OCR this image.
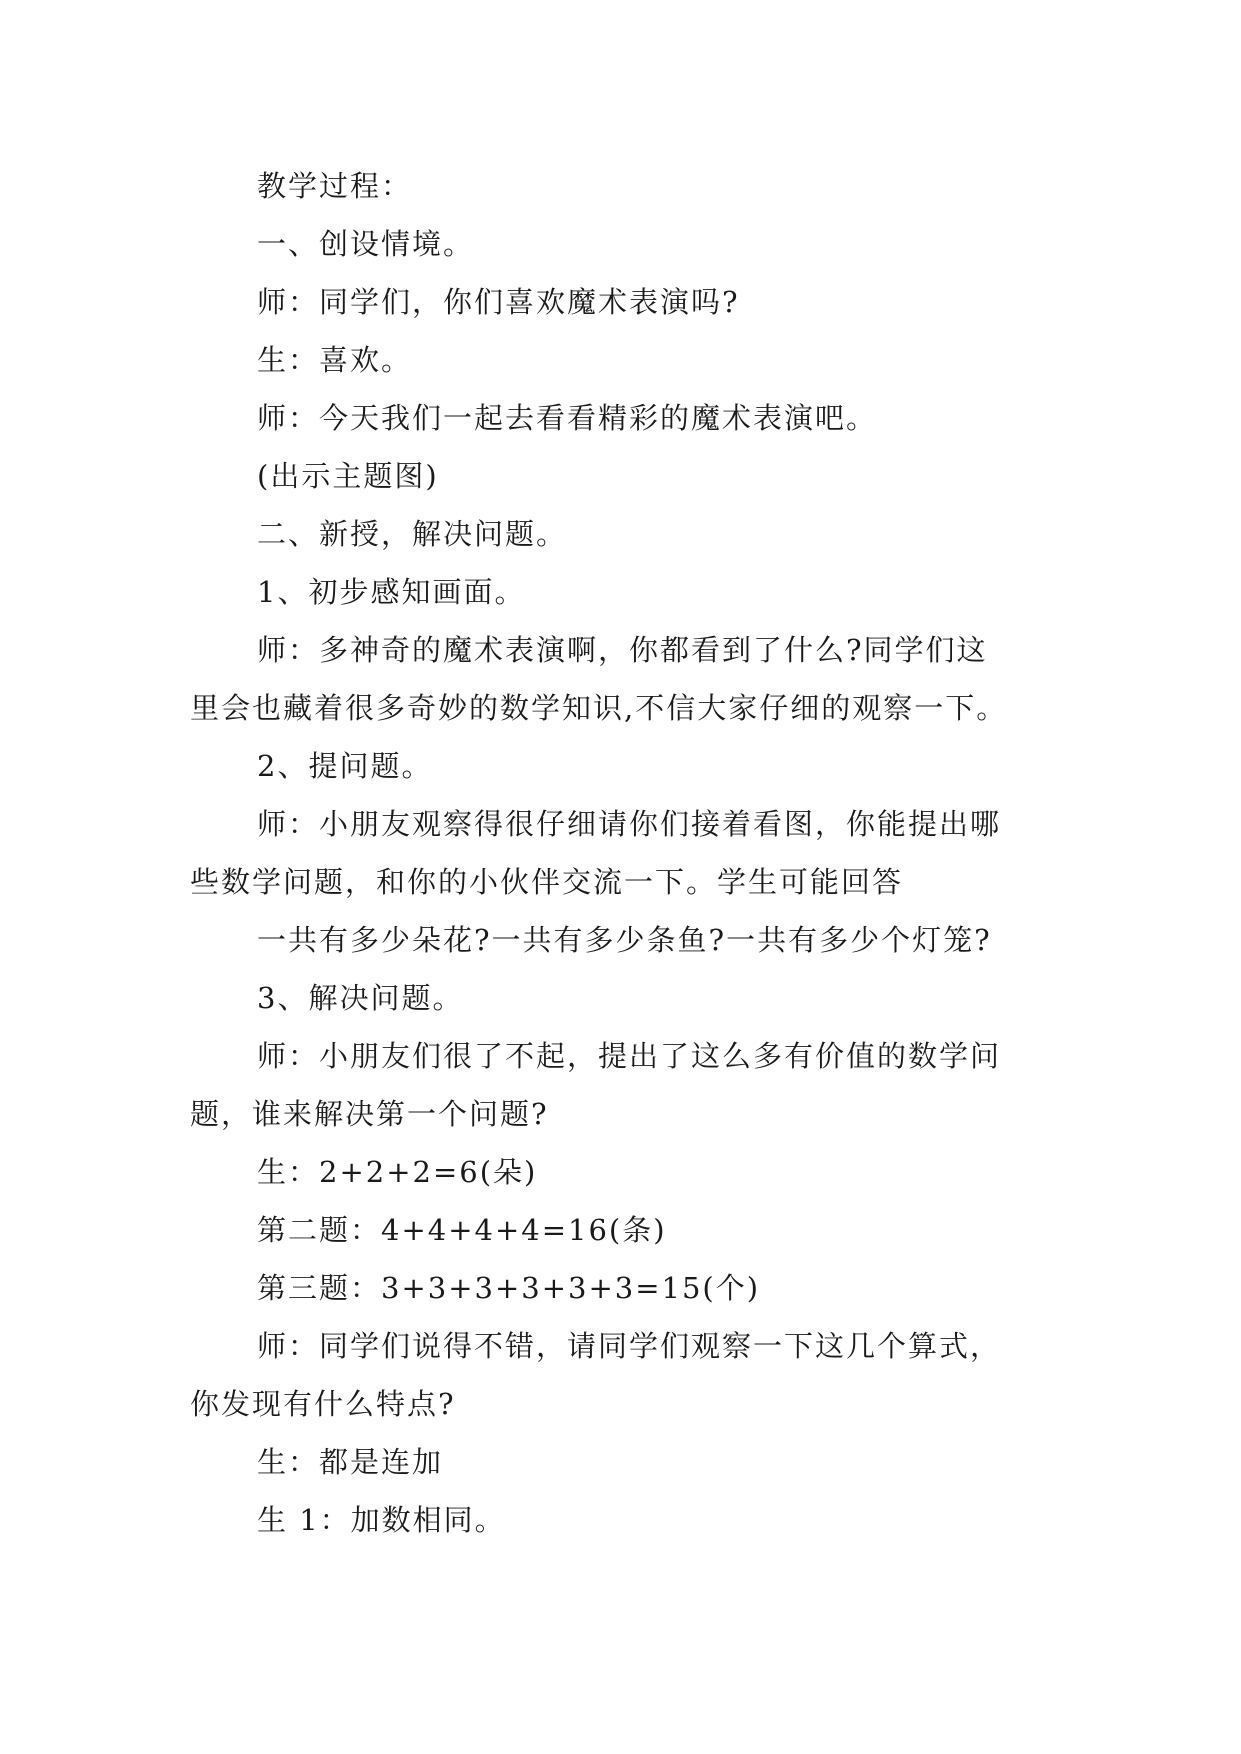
教学过程：

一、创设情境。

师：同学们，你们喜欢魔术表演吗?

生：喜欢。

师：今天我们一起去看看精彩的魔术表演吧。

(出示主题图)

二、新授，解决问题。

1、初步感知画面。

师：多神奇的魔术表演啊，你都看到了什么?同学们这

里会也藏着很多奇妙的数学知识,不信大家仔细的观察一下。

2、提问题。

师：小朋友观察得很仔细请你们接着看图，你能提出哪

些数学问题，和你的小伙伴交流一下。学生可能回答

一共有多少朵花?一共有多少条鱼?一共有多少个灯笼?

3、解决问题。

师：小朋友们很了不起，提出了这么多有价值的数学问

题，谁来解决第一个问题?

生：2+2+2=6(朵)

第二题：4+4+4+4=16(条)

第三题：3+3+3+3+3+3=15(个)

师：同学们说得不错，请同学们观察一下这几个算式，

你发现有什么特点?

生：都是连加

生 1：加数相同。
